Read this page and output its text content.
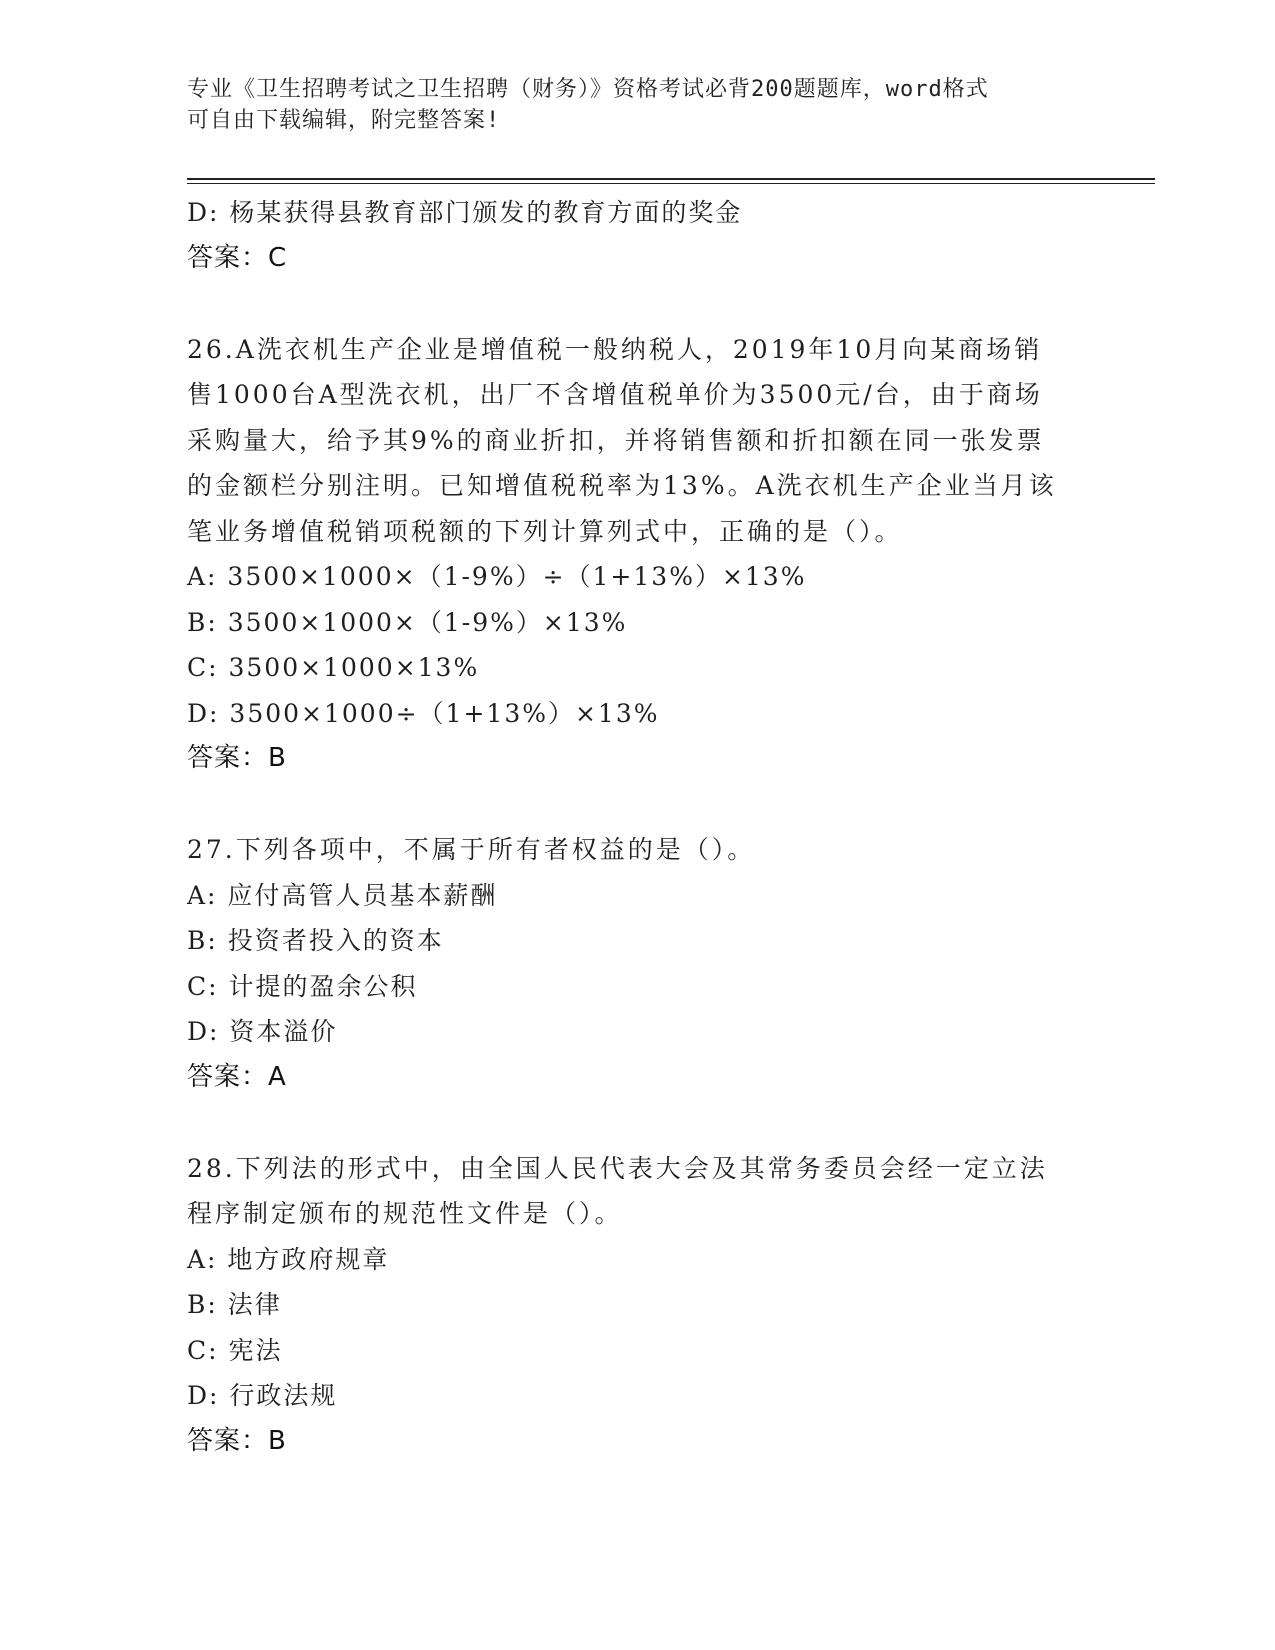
专业《卫生招聘考试之卫生招聘（财务）》资格考试必背200题题库，word格式
可自由下载编辑，附完整答案!
D: 杨某获得县教育部门颁发的教育方面的奖金
答案：C
26.A洗衣机生产企业是增值税一般纳税人，2019年10月向某商场销
售1000台A型洗衣机，出厂不含增值税单价为3500元/台，由于商场
采购量大，给予其9%的商业折扣，并将销售额和折扣额在同一张发票
的金额栏分别注明。已知增值税税率为13%。A洗衣机生产企业当月该
笔业务增值税销项税额的下列计算列式中，正确的是（）。
A: 3500×1000×（1-9%）÷（1+13%）×13%
B: 3500×1000×（1-9%）×13%
C: 3500×1000×13%
D: 3500×1000÷（1+13%）×13%
答案：B
27.下列各项中，不属于所有者权益的是（）。
A: 应付高管人员基本薪酬
B: 投资者投入的资本
C: 计提的盈余公积
D: 资本溢价
答案：A
28.下列法的形式中，由全国人民代表大会及其常务委员会经一定立法
程序制定颁布的规范性文件是（）。
A: 地方政府规章
B: 法律
C: 宪法
D: 行政法规
答案：B
